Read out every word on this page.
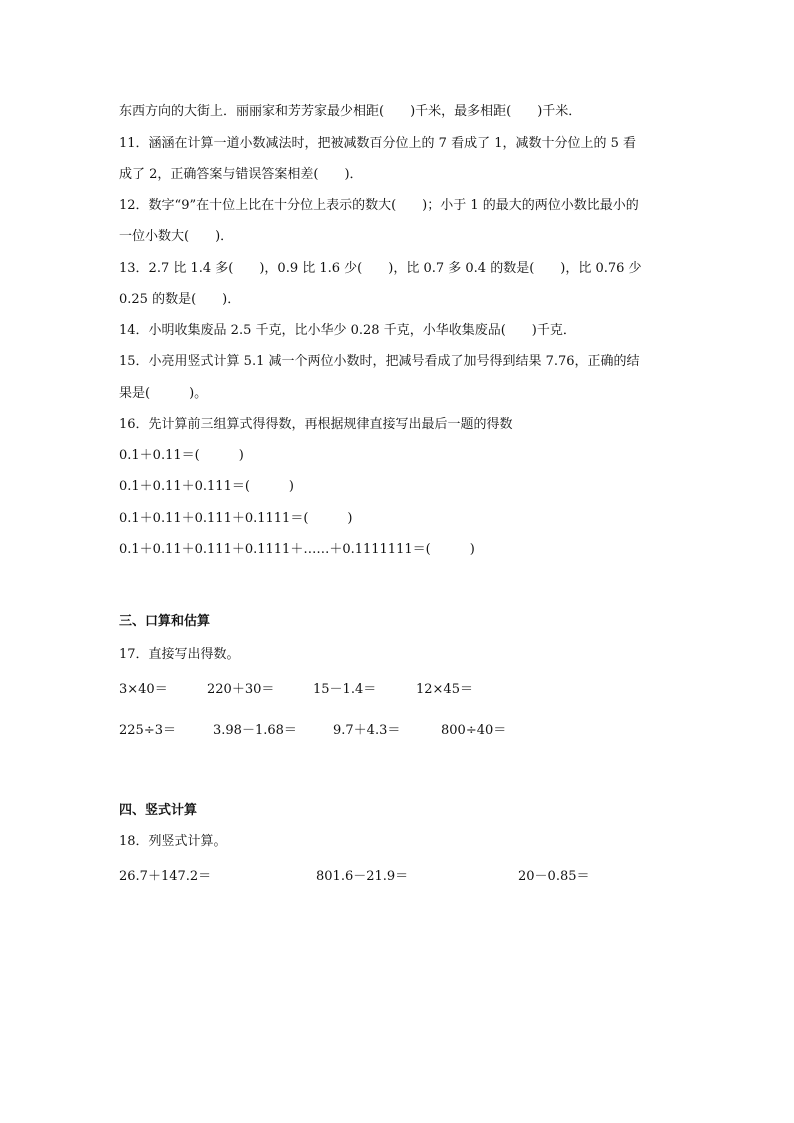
东西方向的大街上．丽丽家和芳芳家最少相距(　　)千米，最多相距(　　)千米．
11．涵涵在计算一道小数减法时，把被减数百分位上的 7 看成了 1，减数十分位上的 5 看
成了 2，正确答案与错误答案相差(　　)．
12．数字“9”在十位上比在十分位上表示的数大(　　)；小于 1 的最大的两位小数比最小的
一位小数大(　　)．
13．2.7 比 1.4 多(　　)，0.9 比 1.6 少(　　)，比 0.7 多 0.4 的数是(　　)，比 0.76 少
0.25 的数是(　　)．
14．小明收集废品 2.5 千克，比小华少 0.28 千克，小华收集废品(　　)千克．
15．小亮用竖式计算 5.1 减一个两位小数时，把减号看成了加号得到结果 7.76，正确的结
果是(　　　)。
16．先计算前三组算式得得数，再根据规律直接写出最后一题的得数
0.1＋0.11＝(　　　)
0.1＋0.11＋0.111＝(　　　)
0.1＋0.11＋0.111＋0.1111＝(　　　)
0.1＋0.11＋0.111＋0.1111＋……＋0.1111111＝(　　　)
三、口算和估算
17．直接写出得数。
3×40＝	220＋30＝	15－1.4＝	12×45＝
225÷3＝	3.98－1.68＝	9.7＋4.3＝	800÷40＝
四、竖式计算
18．列竖式计算。
26.7＋147.2＝	801.6－21.9＝	20－0.85＝
